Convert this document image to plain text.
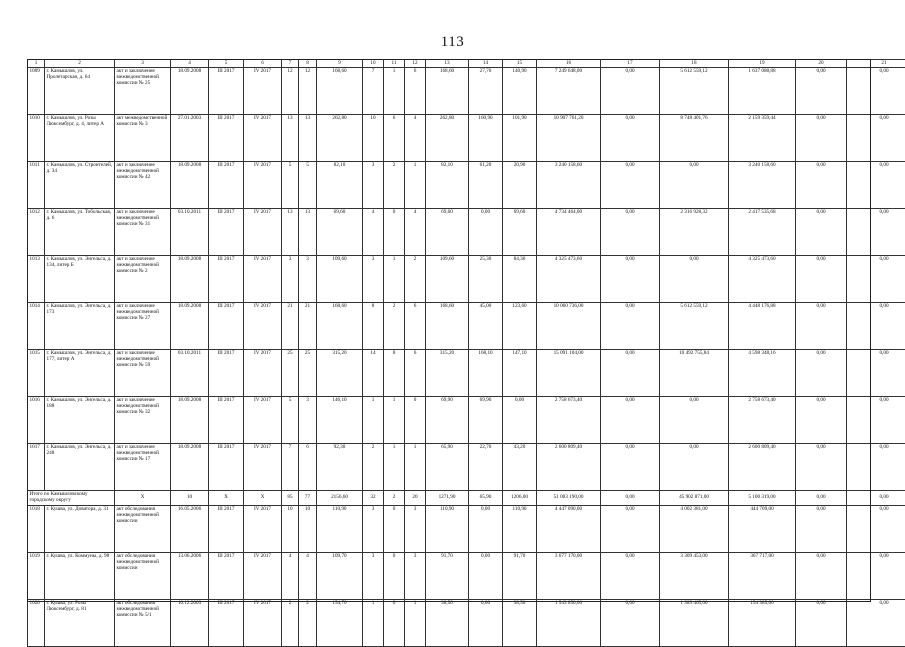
113
1	2	3	4	5	6	7	8	9	10	11	12	13	14	15	16	17	18	19	20	21
1009	г. Камышлов, ул. Пролетарская, д. 64	акт и заключение межведомственной комиссии № 25	18.09.2008	III 2017	IV 2017	12	12	168,60	7	1	6	168,60	27,70	140,90	7 249 648,00	0,00	5 612 559,12	1 637 088,88	0,00	0,00
1010	г. Камышлов, ул. Розы Люксембург, д. 4, литер А	акт межведомственной комиссии № 3	27.01.2003	III 2017	IV 2017	13	13	262,80	10	6	4	262,80	160,90	101,90	10 907 761,20	0,00	8 748 401,76	2 159 359,44	0,00	0,00
1011	г. Камышлов, ул. Строителей, д. 34	акт и заключение межведомственной комиссии № 42	18.09.2008	III 2017	IV 2017	5	5	82,10	3	2	1	82,10	61,20	20,90	3 240 158,60	0,00	0,00	3 240 158,60	0,00	0,00
1012	г. Камышлов, ул. Тобольская, д. 6	акт и заключение межведомственной комиссии № 31	03.10.2011	III 2017	IV 2017	13	13	69,60	4	0	4	69,60	0,00	69,60	4 734 464,00	0,00	2 316 928,32	2 417 535,68	0,00	0,00
1013	г. Камышлов, ул. Энгельса, д. 134, литер Б	акт и заключение межведомственной комиссии № 2	18.09.2008	III 2017	IV 2017	3	3	109,60	3	1	2	109,60	25,30	84,30	4 325 473,60	0,00	0,00	4 325 473,60	0,00	0,00
1014	г. Камышлов, ул. Энгельса, д. 173	акт и заключение межведомственной комиссии № 27	18.09.2008	III 2017	IV 2017	21	21	168,60	8	2	6	168,60	45,00	123,60	10 060 736,00	0,00	5 612 559,12	4 448 176,88	0,00	0,00
1015	г. Камышлов, ул. Энгельса, д. 177, литер А	акт и заключение межведомственной комиссии № 59	03.10.2011	III 2017	IV 2017	25	25	315,20	14	8	6	315,20	168,10	147,10	15 091 104,00	0,00	10 492 755,84	4 598 348,16	0,00	0,00
1016	г. Камышлов, ул. Энгельса, д. 188	акт и заключение межведомственной комиссии № 32	18.09.2008	III 2017	IV 2017	5	3	146,10	1	1	0	69,90	69,90	0,00	2 758 673,40	0,00	0,00	2 758 673,40	0,00	0,00
1017	г. Камышлов, ул. Энгельса, д. 248	акт и заключение межведомственной комиссии № 17	18.09.2008	III 2017	IV 2017	7	6	92,30	2	1	1	65,90	22,70	43,20	2 600 809,40	0,00	0,00	2 600 809,40	0,00	0,00
Итого по Камышловскому городскому округу		X	10	X	X	85	77	2156,60	32	2	20	1271,90	65,90	1206,00	51 003 190,00	0,00	45 902 871,00	5 100 319,00	0,00	0,00
1018	г. Кушва, ул. Доватора, д. 31	акт обследования межведомственной комиссии	16.05.2006	III 2017	IV 2017	10	10	110,90	3	0	3	110,90	0,00	110,90	4 447 090,00	0,00	4 002 381,00	444 709,00	0,00	0,00
1019	г. Кушва, ул. Коммуны, д. 98	акт обследования межведомственной комиссии	13.06.2006	III 2017	IV 2017	4	4	109,70	3	0	3	91,70	0,00	91,70	3 677 170,00	0,00	3 309 453,00	367 717,00	0,00	0,00
1020	г. Кушва, ул. Розы Люксембург, д. 81	акт обследования межведомственной комиссии № 5/1	10.12.2003	III 2017	IV 2017	2	2	154,70	1	0	1	38,50	0,00	38,50	1 543 850,00	0,00	1 389 465,00	154 385,00	0,00	0,00
